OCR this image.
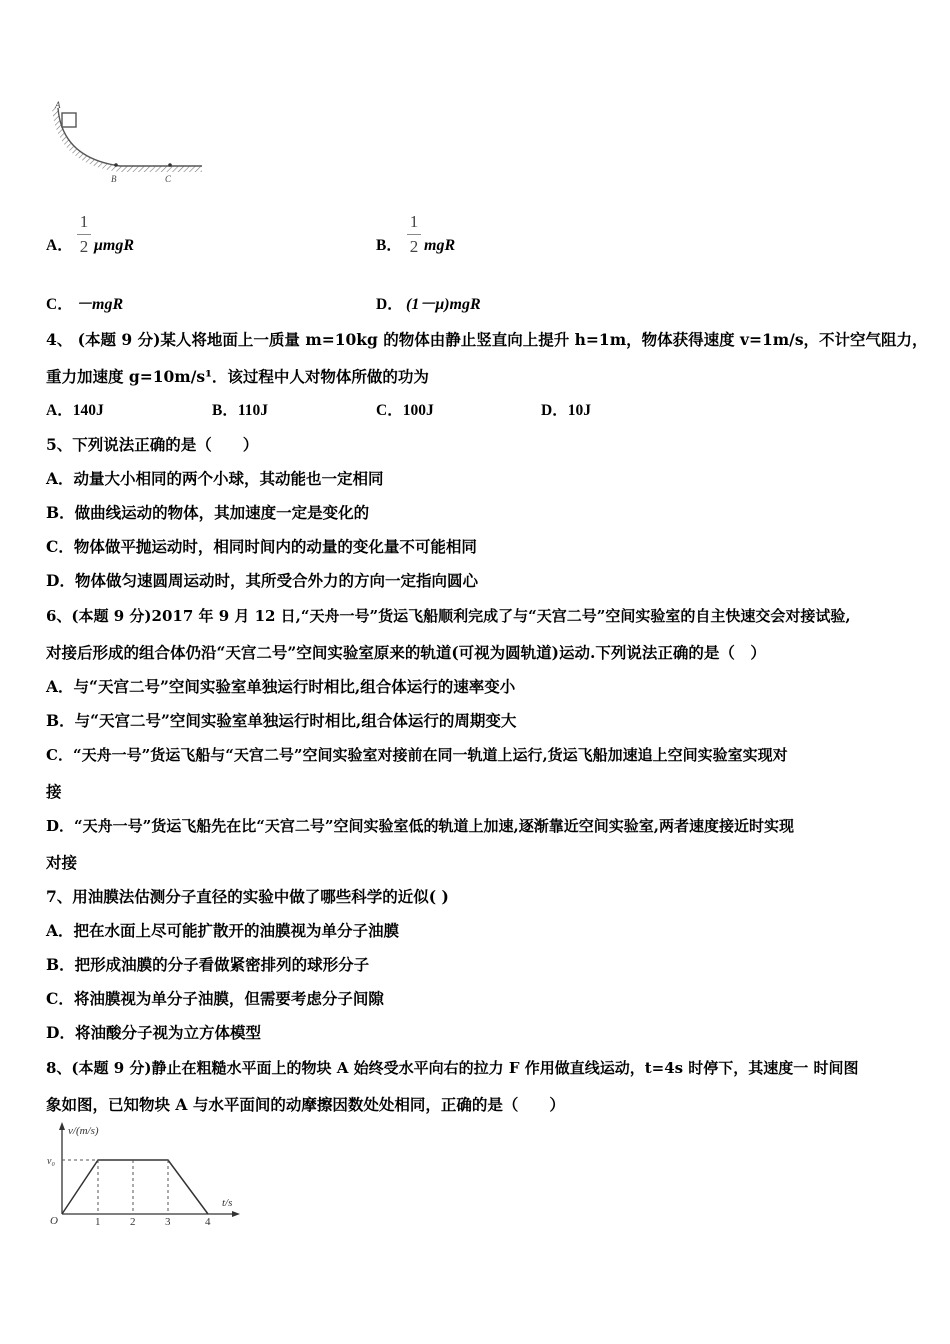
A
B	C
A．
1
2 μmgR	B．
1
2 mgR
C． －mgR	D． (1－μ)mgR
4、 (本题 9 分)某人将地面上一质量 m=10kg 的物体由静止竖直向上提升 h=1m，物体获得速度 v=1m/s，不计空气阻力，
重力加速度 g=10m/s¹．该过程中人对物体所做的功为
A．140J	B．110J	C．100J	D．10J
5、下列说法正确的是（　　）
A．动量大小相同的两个小球，其动能也一定相同
B．做曲线运动的物体，其加速度一定是变化的
C．物体做平抛运动时，相同时间内的动量的变化量不可能相同
D．物体做匀速圆周运动时，其所受合外力的方向一定指向圆心
6、(本题 9 分)2017 年 9 月 12 日,“天舟一号”货运飞船顺利完成了与“天宫二号”空间实验室的自主快速交会对接试验,
对接后形成的组合体仍沿“天宫二号”空间实验室原来的轨道(可视为圆轨道)运动.下列说法正确的是（　）
A．与“天宫二号”空间实验室单独运行时相比,组合体运行的速率变小
B．与“天宫二号”空间实验室单独运行时相比,组合体运行的周期变大
C．“天舟一号”货运飞船与“天宫二号”空间实验室对接前在同一轨道上运行,货运飞船加速追上空间实验室实现对
接
D．“天舟一号”货运飞船先在比“天宫二号”空间实验室低的轨道上加速,逐渐靠近空间实验室,两者速度接近时实现
对接
7、用油膜法估测分子直径的实验中做了哪些科学的近似( )
A．把在水面上尽可能扩散开的油膜视为单分子油膜
B．把形成油膜的分子看做紧密排列的球形分子
C．将油膜视为单分子油膜，但需要考虑分子间隙
D．将油酸分子视为立方体模型
8、(本题 9 分)静止在粗糙水平面上的物块 A 始终受水平向右的拉力 F 作用做直线运动，t=4s 时停下，其速度一 时间图
象如图，已知物块 A 与水平面间的动摩擦因数处处相同，正确的是（　　）
v/(m/s)
v₀
t/s
O	1	2	3	4
